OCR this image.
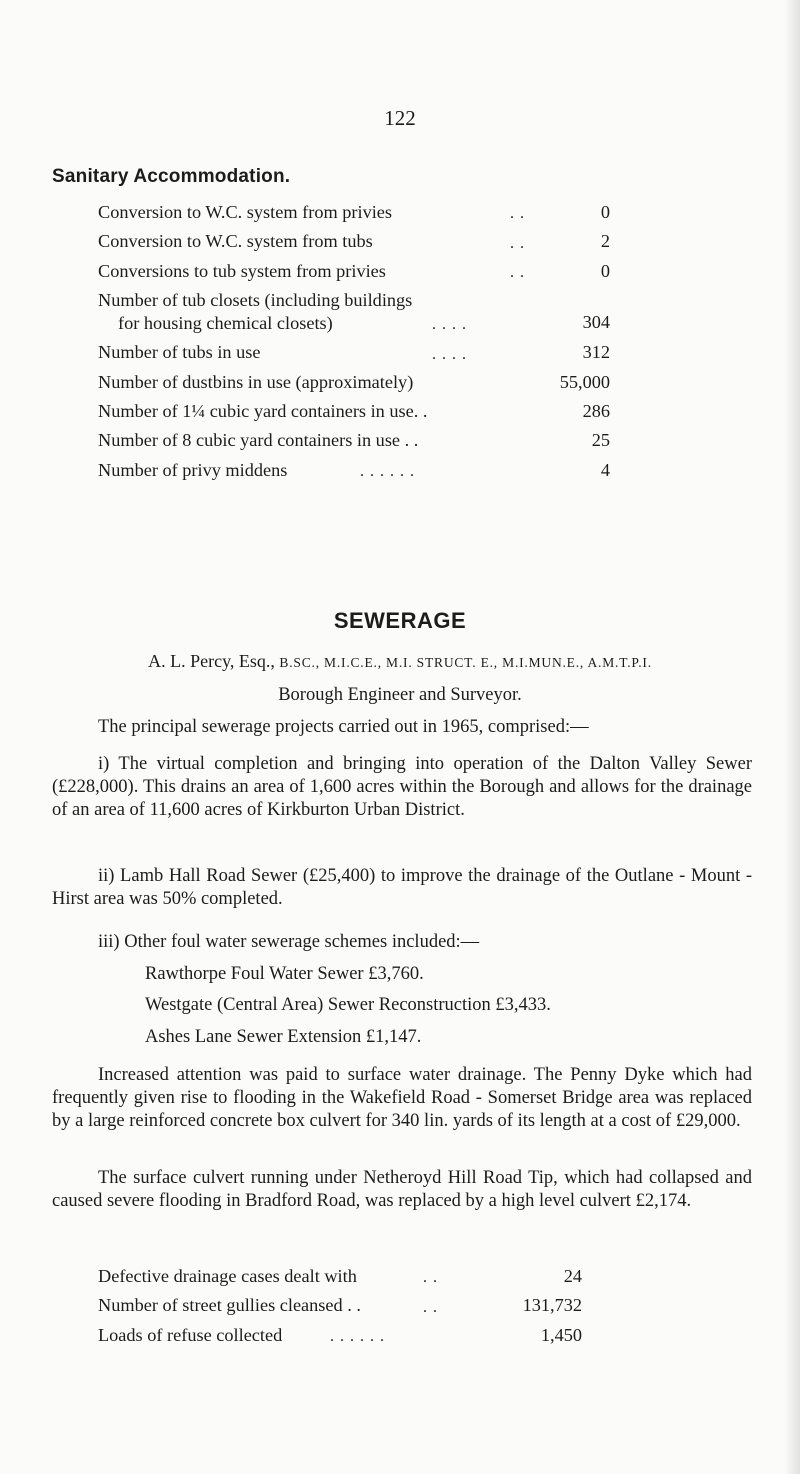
122
Sanitary Accommodation.
Conversion to W.C. system from privies	. .	0
Conversion to W.C. system from tubs	. .	2
Conversions to tub system from privies	. .	0
Number of tub closets (including buildings
for housing chemical closets)	. . . .	304
Number of tubs in use	. . . .	312
Number of dustbins in use (approximately)	55,000
Number of 1¼ cubic yard containers in use. .	286
Number of 8 cubic yard containers in use . .	25
Number of privy middens	. . . . . .	4
SEWERAGE
A. L. Percy, Esq., B.SC., M.I.C.E., M.I. STRUCT. E., M.I.MUN.E., A.M.T.P.I.
Borough Engineer and Surveyor.
The principal sewerage projects carried out in 1965, comprised:—
i) The virtual completion and bringing into operation of the Dalton Valley Sewer (£228,000). This drains an area of 1,600 acres within the Borough and allows for the drainage of an area of 11,600 acres of Kirkburton Urban District.
ii) Lamb Hall Road Sewer (£25,400) to improve the drainage of the Outlane - Mount - Hirst area was 50% completed.
iii) Other foul water sewerage schemes included:—
Rawthorpe Foul Water Sewer £3,760.
Westgate (Central Area) Sewer Reconstruction £3,433.
Ashes Lane Sewer Extension £1,147.
Increased attention was paid to surface water drainage. The Penny Dyke which had frequently given rise to flooding in the Wakefield Road - Somerset Bridge area was replaced by a large reinforced concrete box culvert for 340 lin. yards of its length at a cost of £29,000.
The surface culvert running under Netheroyd Hill Road Tip, which had collapsed and caused severe flooding in Bradford Road, was replaced by a high level culvert £2,174.
Defective drainage cases dealt with	. .	24
Number of street gullies cleansed . .	. .	131,732
Loads of refuse collected	. . . . . .	1,450
